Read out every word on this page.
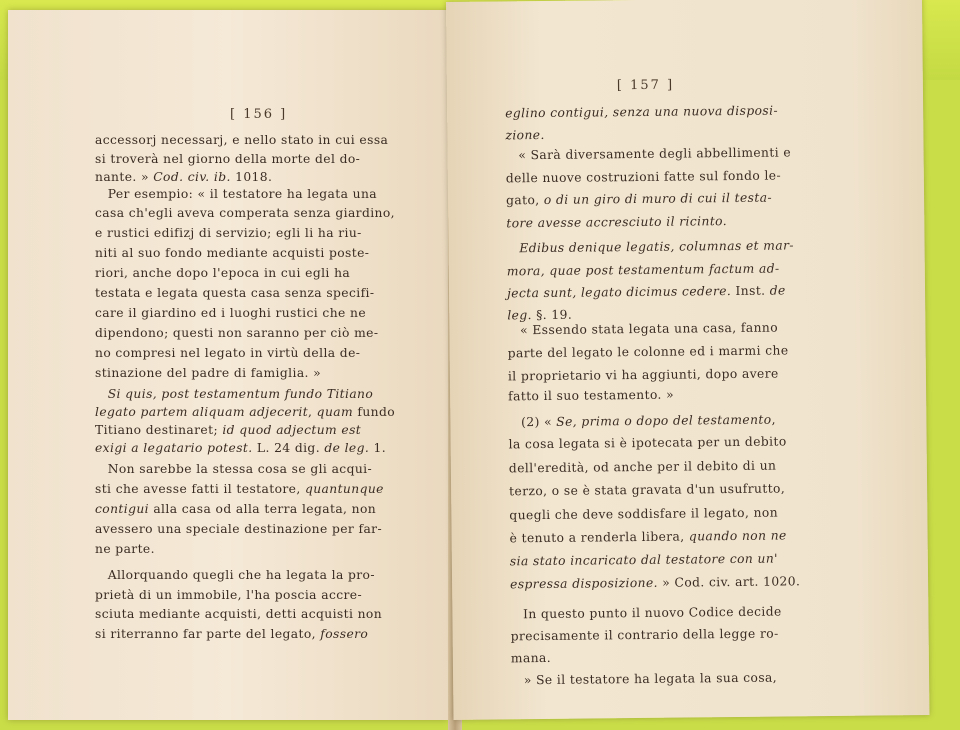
[ 156 ]
accessorj necessarj, e nello stato in cui essa
si troverà nel giorno della morte del do-
nante. » Cod. civ. ib. 1018.
 Per esempio: « il testatore ha legata una
casa ch'egli aveva comperata senza giardino,
e rustici edifizj di servizio; egli li ha riu-
niti al suo fondo mediante acquisti poste-
riori, anche dopo l'epoca in cui egli ha
testata e legata questa casa senza specifi-
care il giardino ed i luoghi rustici che ne
dipendono; questi non saranno per ciò me-
no compresi nel legato in virtù della de-
stinazione del padre di famiglia. »
 Si quis, post testamentum fundo Titiano
legato partem aliquam adjecerit, quam fundo
Titiano destinaret; id quod adjectum est
exigi a legatario potest. L. 24 dig. de leg. 1.
 Non sarebbe la stessa cosa se gli acqui-
sti che avesse fatti il testatore, quantunque
contigui alla casa od alla terra legata, non
avessero una speciale destinazione per far-
ne parte.
 Allorquando quegli che ha legata la pro-
prietà di un immobile, l'ha poscia accre-
sciuta mediante acquisti, detti acquisti non
si riterranno far parte del legato, fossero
[ 157 ]
eglino contigui, senza una nuova disposi-
zione.
 « Sarà diversamente degli abbellimenti e
delle nuove costruzioni fatte sul fondo le-
gato, o di un giro di muro di cui il testa-
tore avesse accresciuto il ricinto.
 Edibus denique legatis, columnas et mar-
mora, quae post testamentum factum ad-
jecta sunt, legato dicimus cedere. Inst. de
leg. §. 19.
 « Essendo stata legata una casa, fanno
parte del legato le colonne ed i marmi che
il proprietario vi ha aggiunti, dopo avere
fatto il suo testamento. »
 (2) « Se, prima o dopo del testamento,
la cosa legata si è ipotecata per un debito
dell'eredità, od anche per il debito di un
terzo, o se è stata gravata d'un usufrutto,
quegli che deve soddisfare il legato, non
è tenuto a renderla libera, quando non ne
sia stato incaricato dal testatore con un'
espressa disposizione. » Cod. civ. art. 1020.
 In questo punto il nuovo Codice decide
precisamente il contrario della legge ro-
mana.
 » Se il testatore ha legata la sua cosa,
